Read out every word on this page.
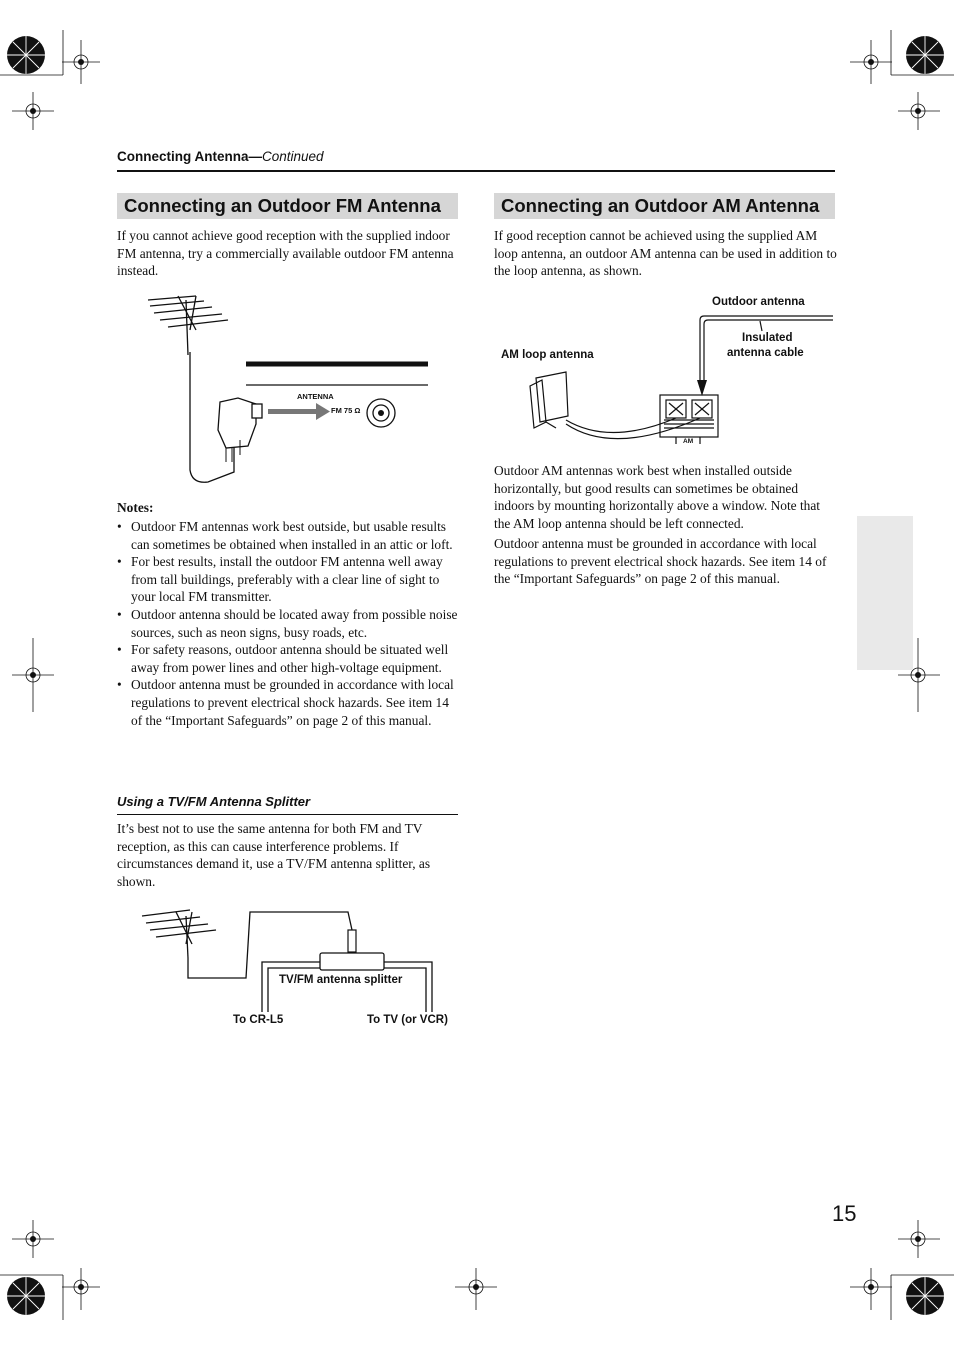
Connecting Antenna—Continued
Connecting an Outdoor FM Antenna
If you cannot achieve good reception with the supplied indoor FM antenna, try a commercially available outdoor FM antenna instead.
ANTENNA
FM 75 Ω
Notes:
• Outdoor FM antennas work best outside, but usable results can sometimes be obtained when installed in an attic or loft.
• For best results, install the outdoor FM antenna well away from tall buildings, preferably with a clear line of sight to your local FM transmitter.
• Outdoor antenna should be located away from possible noise sources, such as neon signs, busy roads, etc.
• For safety reasons, outdoor antenna should be situated well away from power lines and other high-voltage equipment.
• Outdoor antenna must be grounded in accordance with local regulations to prevent electrical shock hazards. See item 14 of the “Important Safeguards” on page 2 of this manual.
Using a TV/FM Antenna Splitter
It’s best not to use the same antenna for both FM and TV reception, as this can cause interference problems. If circumstances demand it, use a TV/FM antenna splitter, as shown.
TV/FM antenna splitter
To CR-L5	To TV (or VCR)
Connecting an Outdoor AM Antenna
If good reception cannot be achieved using the supplied AM loop antenna, an outdoor AM antenna can be used in addition to the loop antenna, as shown.
Outdoor antenna
Insulated
antenna cable
AM loop antenna
AM
Outdoor AM antennas work best when installed outside horizontally, but good results can sometimes be obtained indoors by mounting horizontally above a window. Note that the AM loop antenna should be left connected.
Outdoor antenna must be grounded in accordance with local regulations to prevent electrical shock hazards. See item 14 of the “Important Safeguards” on page 2 of this manual.
15
